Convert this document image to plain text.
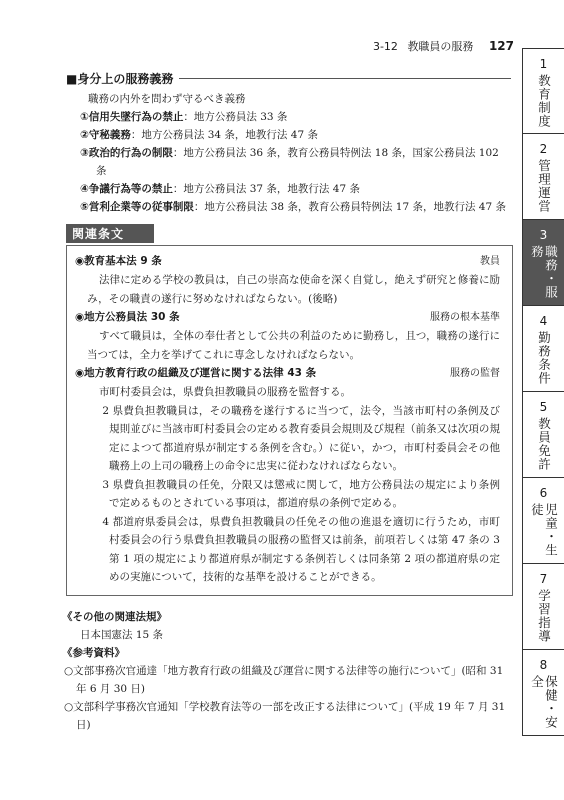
3-12 教職員の服務 127
■身分上の服務義務
職務の内外を問わず守るべき義務
①信用失墜行為の禁止：地方公務員法 33 条
②守秘義務：地方公務員法 34 条，地教行法 47 条
③政治的行為の制限：地方公務員法 36 条，教育公務員特例法 18 条，国家公務員法 102 条
④争議行為等の禁止：地方公務員法 37 条，地教行法 47 条
⑤営利企業等の従事制限：地方公務員法 38 条，教育公務員特例法 17 条，地教行法 47 条
関連条文
◉教育基本法 9 条	教員

法律に定める学校の教員は，自己の崇高な使命を深く自覚し，絶えず研究と修養に励み，その職責の遂行に努めなければならない。(後略)

◉地方公務員法 30 条	服務の根本基準

すべて職員は，全体の奉仕者として公共の利益のために勤務し，且つ，職務の遂行に当つては，全力を挙げてこれに専念しなければならない。

◉地方教育行政の組織及び運営に関する法律 43 条	服務の監督

市町村委員会は，県費負担教職員の服務を監督する。

2 県費負担教職員は，その職務を遂行するに当つて，法令，当該市町村の条例及び規則並びに当該市町村委員会の定める教育委員会規則及び規程（前条又は次項の規定によつて都道府県が制定する条例を含む。）に従い，かつ，市町村委員会その他職務上の上司の職務上の命令に忠実に従わなければならない。

3 県費負担教職員の任免，分限又は懲戒に関して，地方公務員法の規定により条例で定めるものとされている事項は，都道府県の条例で定める。

4 都道府県委員会は，県費負担教職員の任免その他の進退を適切に行うため，市町村委員会の行う県費負担教職員の服務の監督又は前条，前項若しくは第 47 条の 3 第 1 項の規定により都道府県が制定する条例若しくは同条第 2 項の都道府県の定めの実施について，技術的な基準を設けることができる。

《その他の関連法規》
日本国憲法 15 条
《参考資料》
○文部事務次官通達「地方教育行政の組織及び運営に関する法律等の施行について」(昭和 31 年 6 月 30 日)
○文部科学事務次官通知「学校教育法等の一部を改正する法律について」(平成 19 年 7 月 31 日)
1
教育制度
2
管理運営
3
職務・服務
4
勤務条件
5
教員免許
6
児童・生徒
7
学習指導
8
保健・安全
